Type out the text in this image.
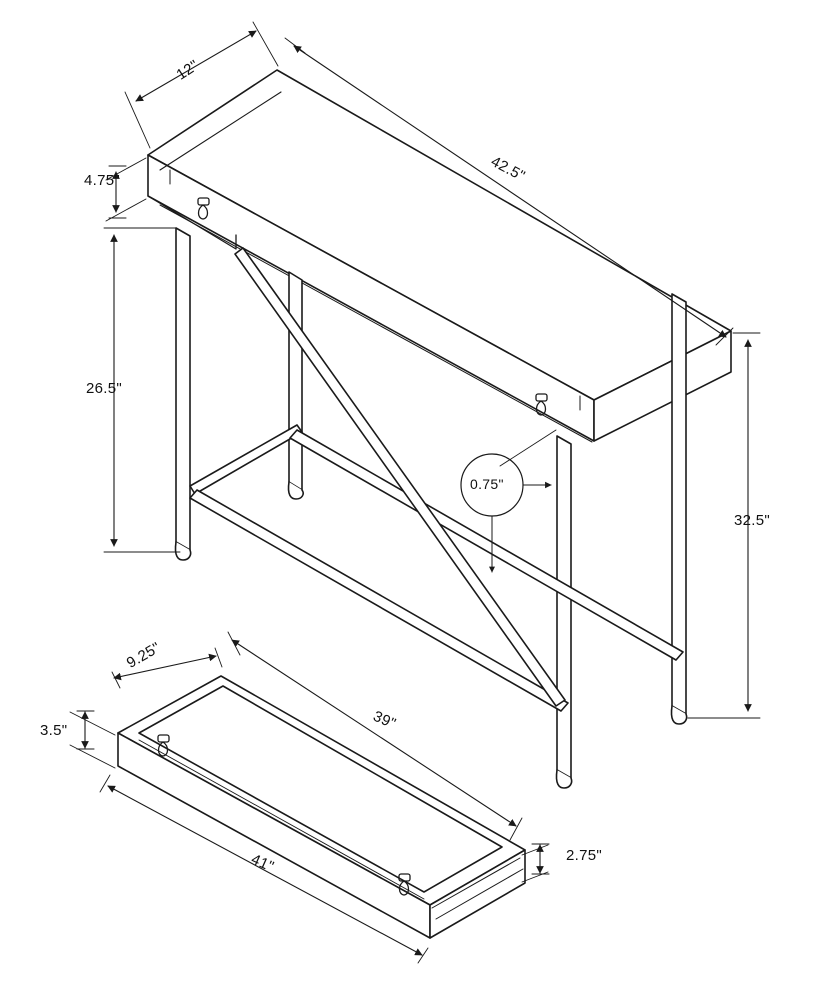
12"
42.5"
4.75"
26.5"
32.5"
0.75"
9.25"
3.5"	39"
41"	2.75"
